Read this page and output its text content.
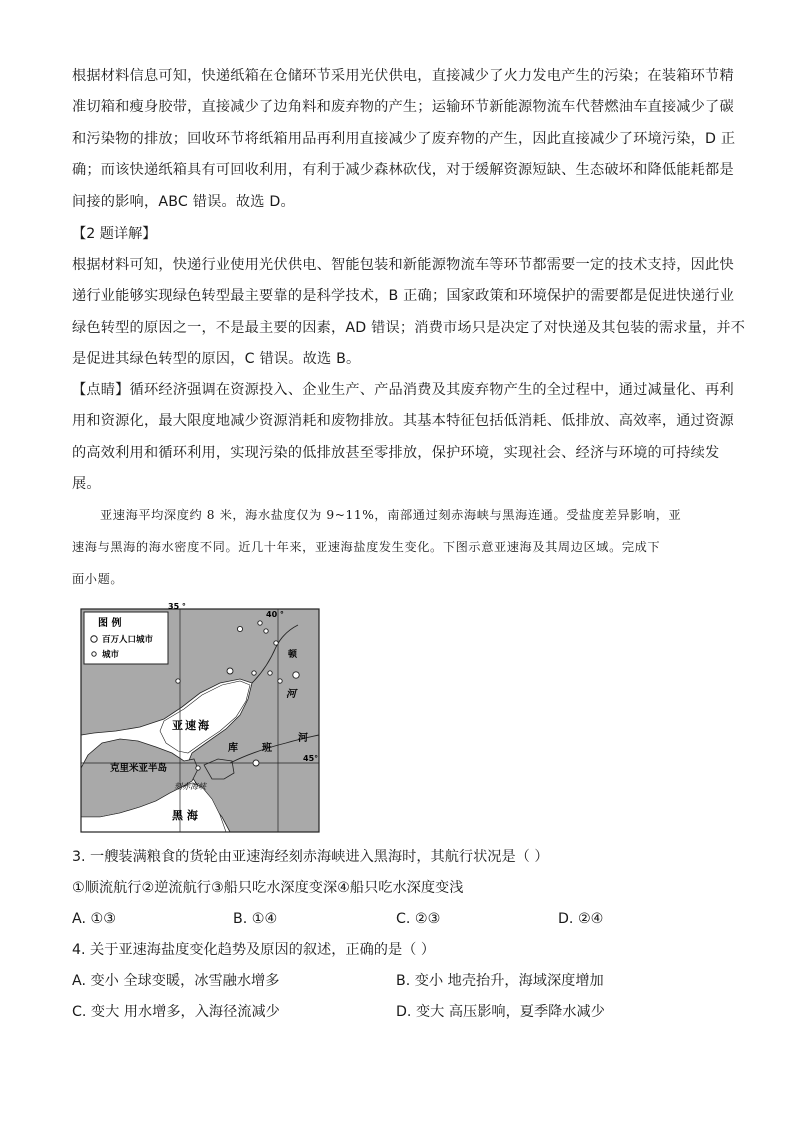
根据材料信息可知，快递纸箱在仓储环节采用光伏供电，直接减少了火力发电产生的污染；在装箱环节精
准切箱和瘦身胶带，直接减少了边角料和废弃物的产生；运输环节新能源物流车代替燃油车直接减少了碳
和污染物的排放；回收环节将纸箱用品再利用直接减少了废弃物的产生，因此直接减少了环境污染，D 正
确；而该快递纸箱具有可回收利用，有利于减少森林砍伐，对于缓解资源短缺、生态破坏和降低能耗都是
间接的影响，ABC 错误。故选 D。
【2 题详解】
根据材料可知，快递行业使用光伏供电、智能包装和新能源物流车等环节都需要一定的技术支持，因此快
递行业能够实现绿色转型最主要靠的是科学技术，B 正确；国家政策和环境保护的需要都是促进快递行业
绿色转型的原因之一，不是最主要的因素，AD 错误；消费市场只是决定了对快递及其包装的需求量，并不
是促进其绿色转型的原因，C 错误。故选 B。
【点睛】循环经济强调在资源投入、企业生产、产品消费及其废弃物产生的全过程中，通过减量化、再利
用和资源化，最大限度地减少资源消耗和废物排放。其基本特征包括低消耗、低排放、高效率，通过资源
的高效利用和循环利用，实现污染的低排放甚至零排放，保护环境，实现社会、经济与环境的可持续发
展。
亚速海平均深度约 8 米，海水盐度仅为 9~11%，南部通过刻赤海峡与黑海连通。受盐度差异影响，亚
速海与黑海的海水密度不同。近几十年来，亚速海盐度发生变化。下图示意亚速海及其周边区域。完成下
面小题。
图 例
百万人口城市
城市
35 °
40 °
45°
亚速海
黑 海
克里米亚半岛
刻赤海峡
库 班
顿
河
河
3. 一艘装满粮食的货轮由亚速海经刻赤海峡进入黑海时，其航行状况是（ ）
①顺流航行②逆流航行③船只吃水深度变深④船只吃水深度变浅
A. ①③	B. ①④	C. ②③	D. ②④
4. 关于亚速海盐度变化趋势及原因的叙述，正确的是（ ）
A. 变小 全球变暖，冰雪融水增多	B. 变小 地壳抬升，海域深度增加
C. 变大 用水增多，入海径流减少	D. 变大 高压影响，夏季降水减少
